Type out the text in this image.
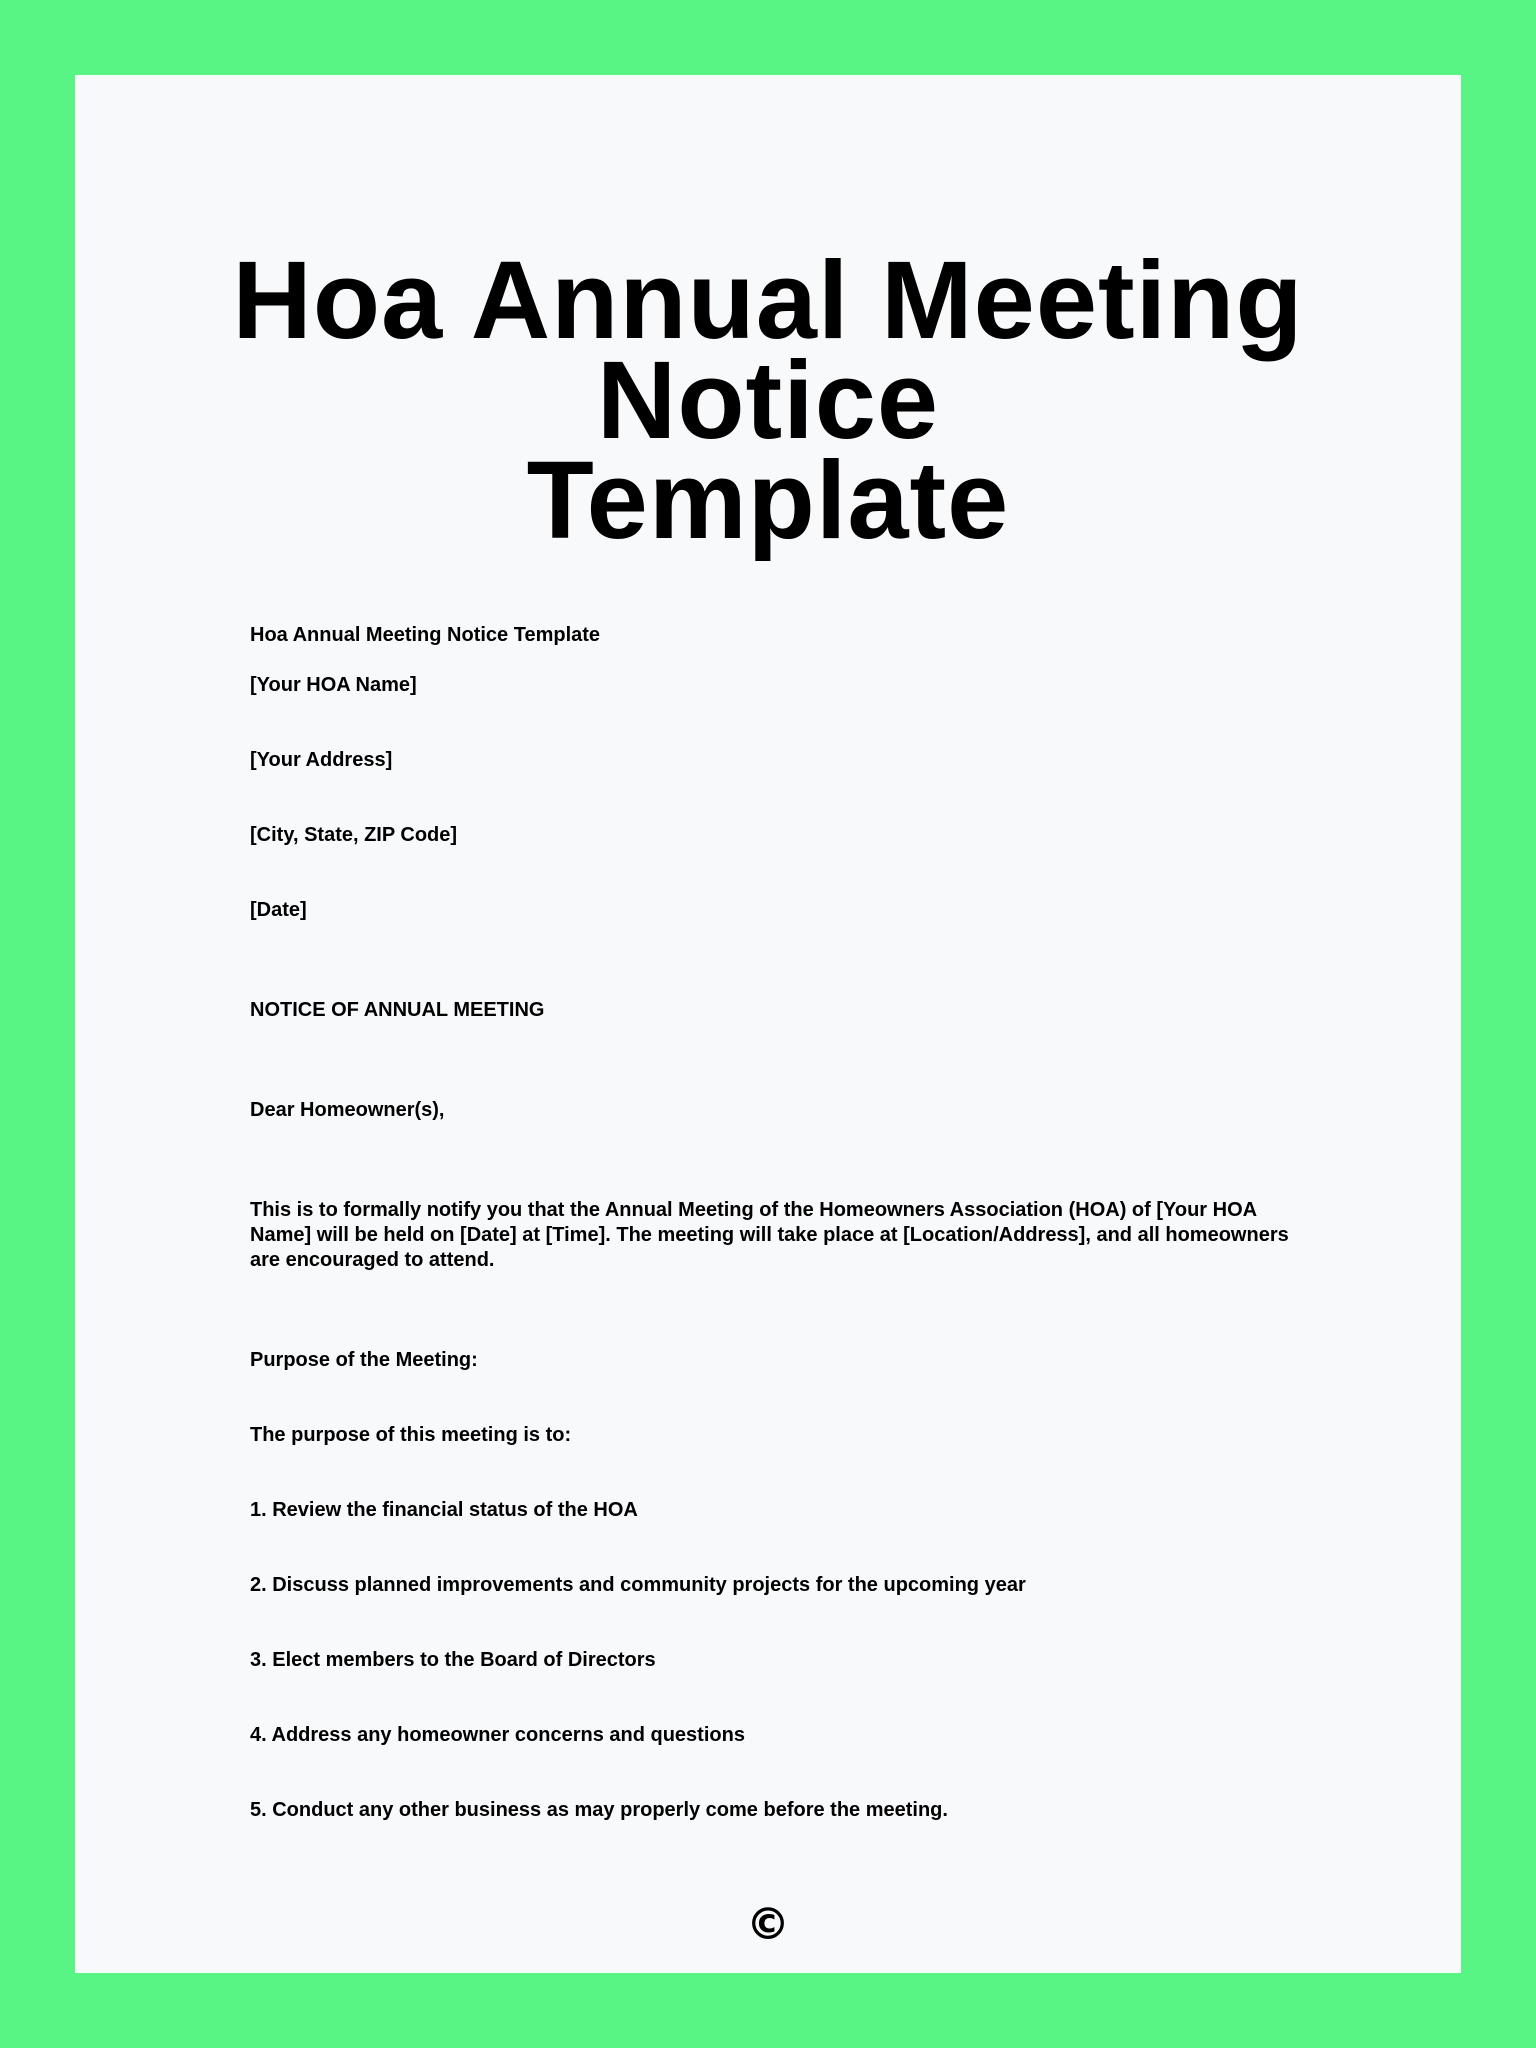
Hoa Annual Meeting Notice
Template

Hoa Annual Meeting Notice Template

[Your HOA Name]

[Your Address]

[City, State, ZIP Code]

[Date]

NOTICE OF ANNUAL MEETING

Dear Homeowner(s),

This is to formally notify you that the Annual Meeting of the Homeowners Association (HOA) of [Your HOA Name] will be held on [Date] at [Time]. The meeting will take place at [Location/Address], and all homeowners are encouraged to attend.

Purpose of the Meeting:

The purpose of this meeting is to:

1. Review the financial status of the HOA

2. Discuss planned improvements and community projects for the upcoming year

3. Elect members to the Board of Directors

4. Address any homeowner concerns and questions

5. Conduct any other business as may properly come before the meeting.

©
